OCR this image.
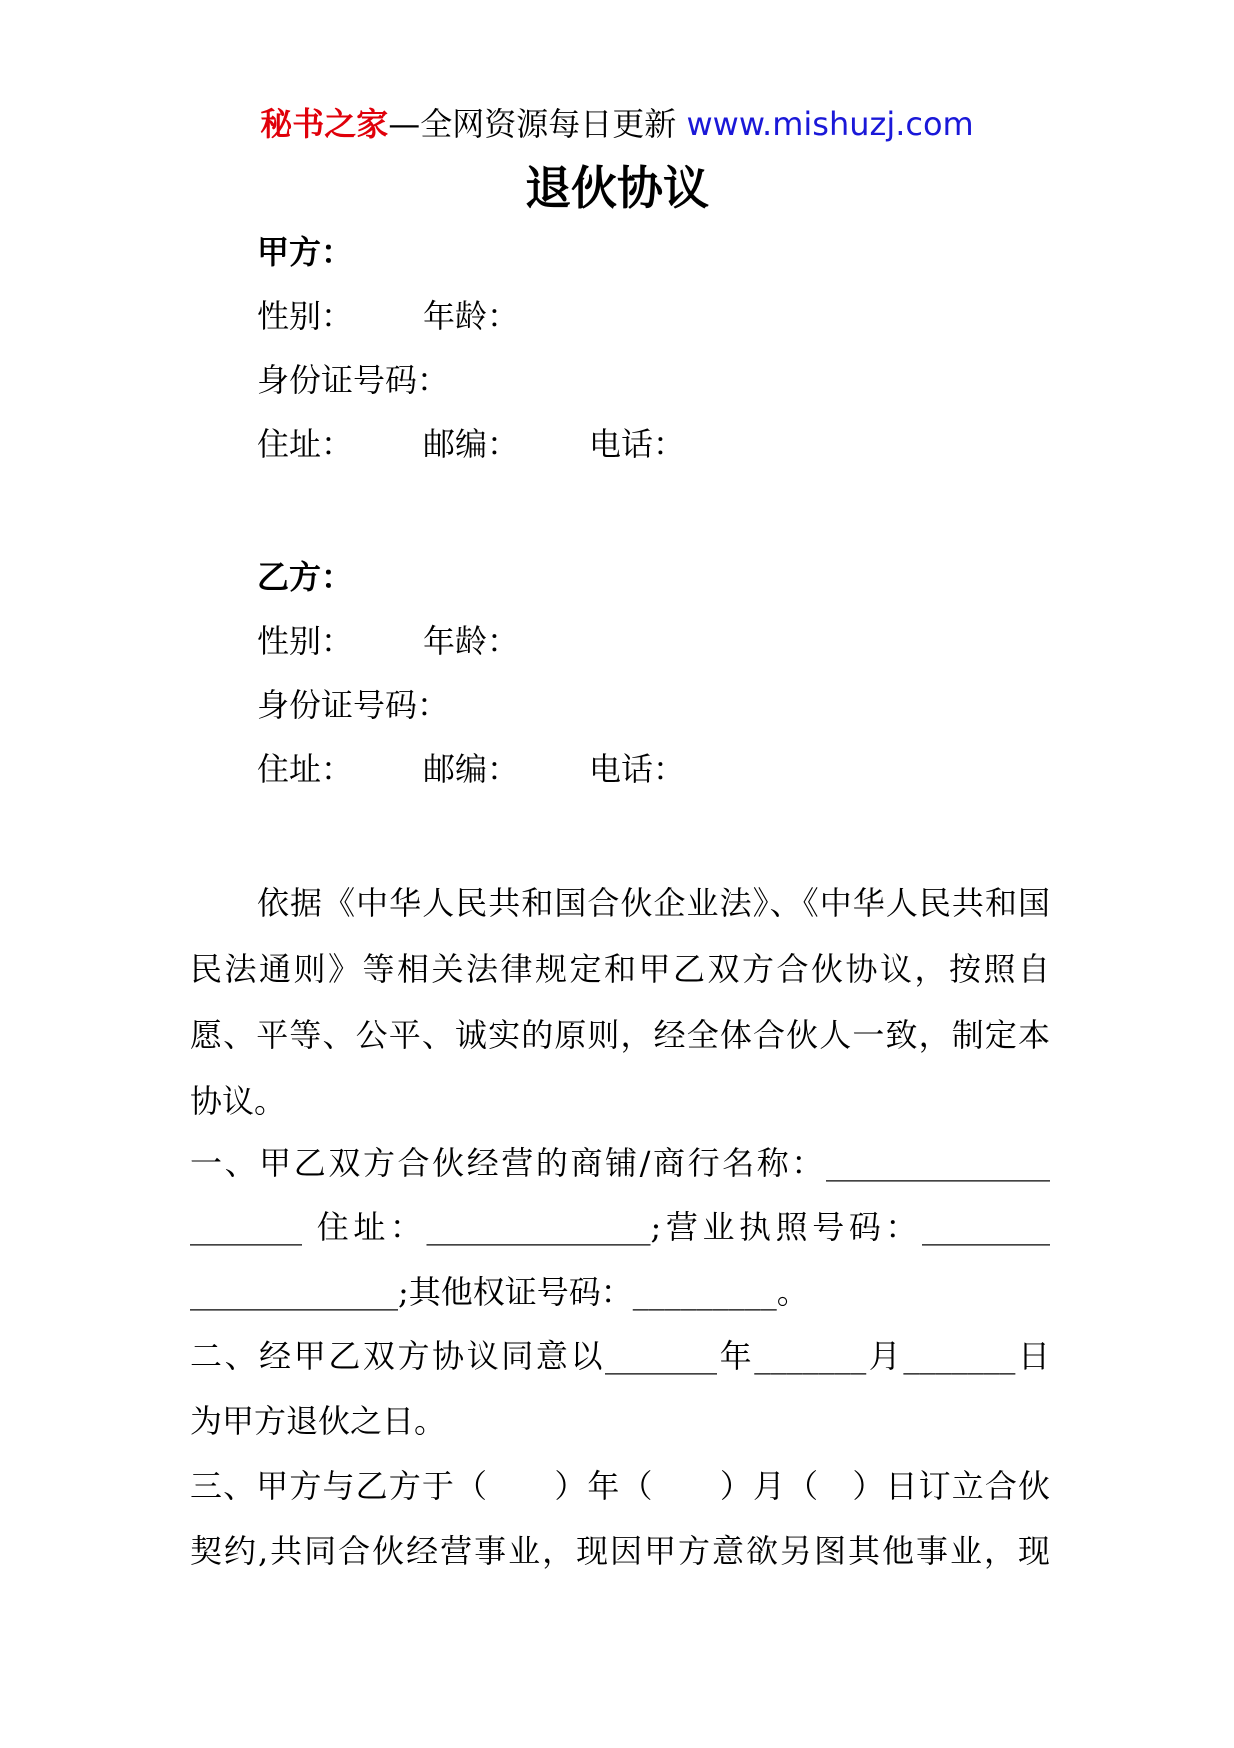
秘书之家—全网资源每日更新 www.mishuzj.com
退伙协议
甲方：
性别： 年龄：
身份证号码：
住址： 邮编： 电话：
乙方：
性别： 年龄：
身份证号码：
住址： 邮编： 电话：
依据《中华人民共和国合伙企业法》、《中华人民共和国民法通则》等相关法律规定和甲乙双方合伙协议，按照自愿、平等、公平、诚实的原则，经全体合伙人一致，制定本协议。
一、甲乙双方合伙经营的商铺/商行名称：______________
_______ 住址：______________;营业执照号码：________
_____________;其他权证号码：_________。
二、经甲乙双方协议同意以_______年_______月_______日
为甲方退伙之日。
三、甲方与乙方于（　　）年（　　）月（　）日订立合伙
契约,共同合伙经营事业，现因甲方意欲另图其他事业，现
